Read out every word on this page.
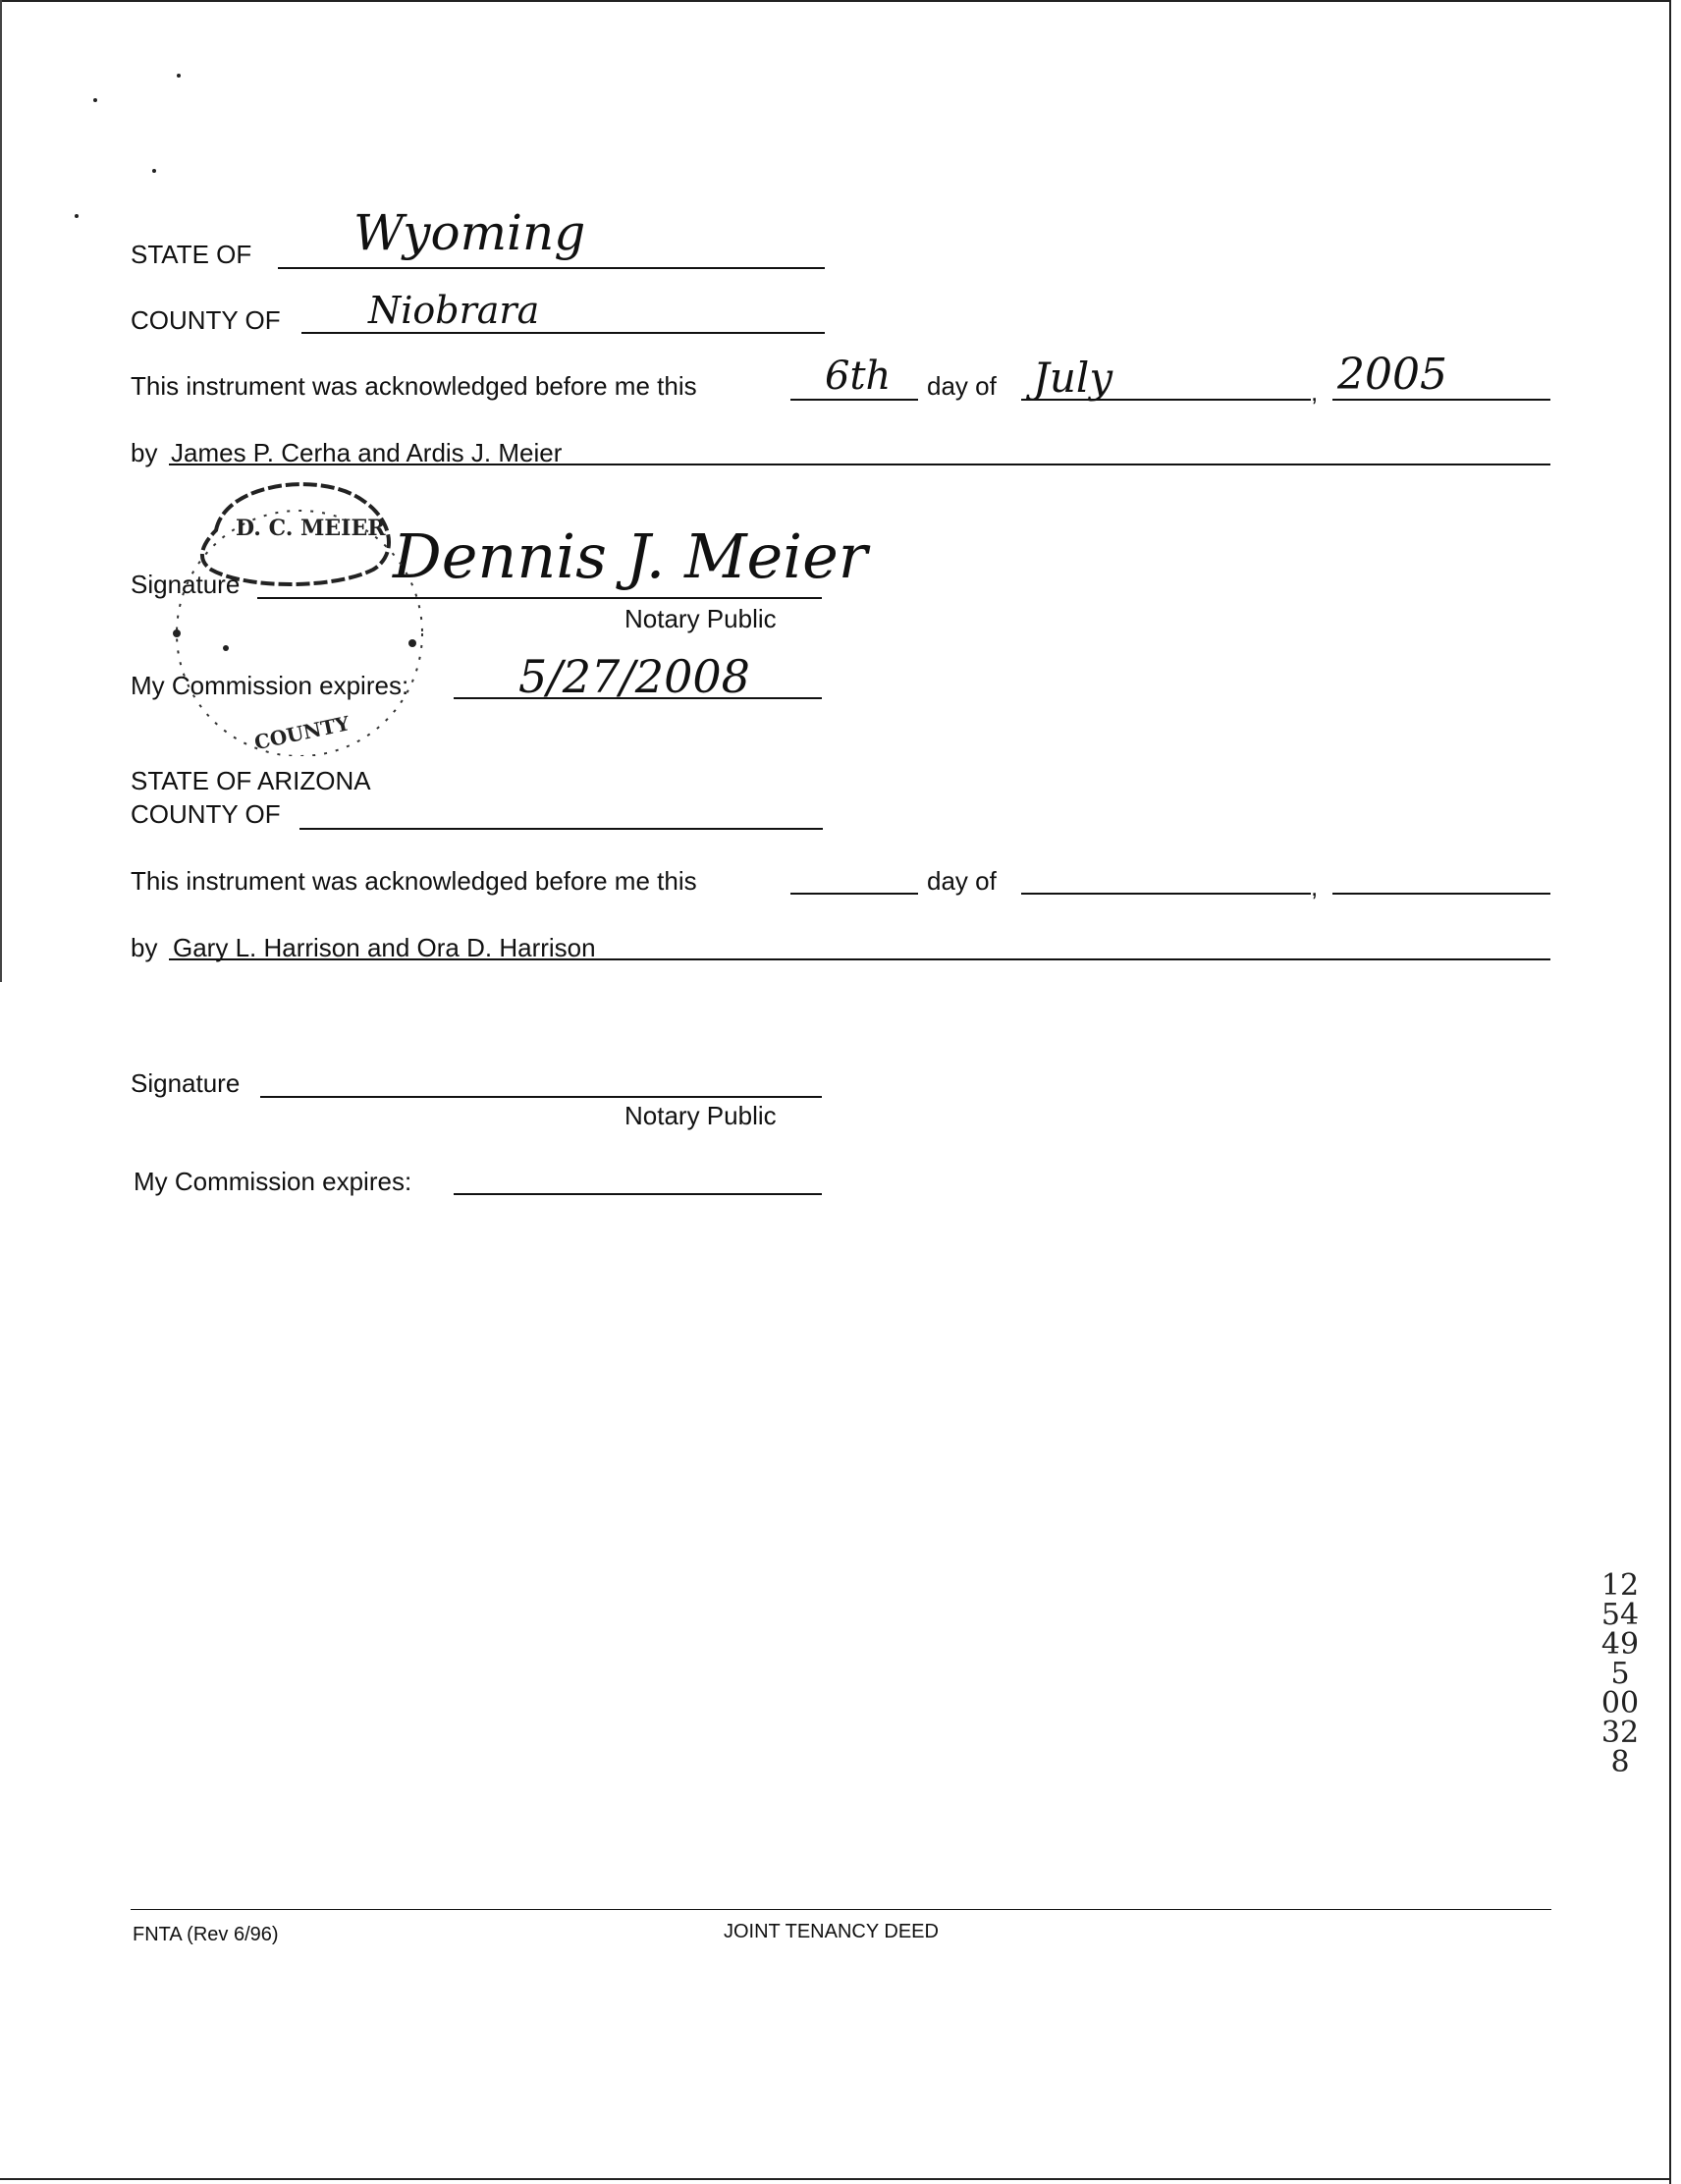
STATE OF Wyoming
COUNTY OF Niobrara
This instrument was acknowledged before me this	6th day of July	, 2005
by James P. Cerha and Ardis J. Meier
Signature	Dennis J. Meier
Notary Public
My Commission expires: 5/27/2008
D. C. MEIER
COUNTY
STATE OF ARIZONA
COUNTY OF
This instrument was acknowledged before me this	day of	,
by Gary L. Harrison and Ora D. Harrison
Signature
Notary Public
My Commission expires:
1254 495 00328
FNTA (Rev 6/96)	JOINT TENANCY DEED
